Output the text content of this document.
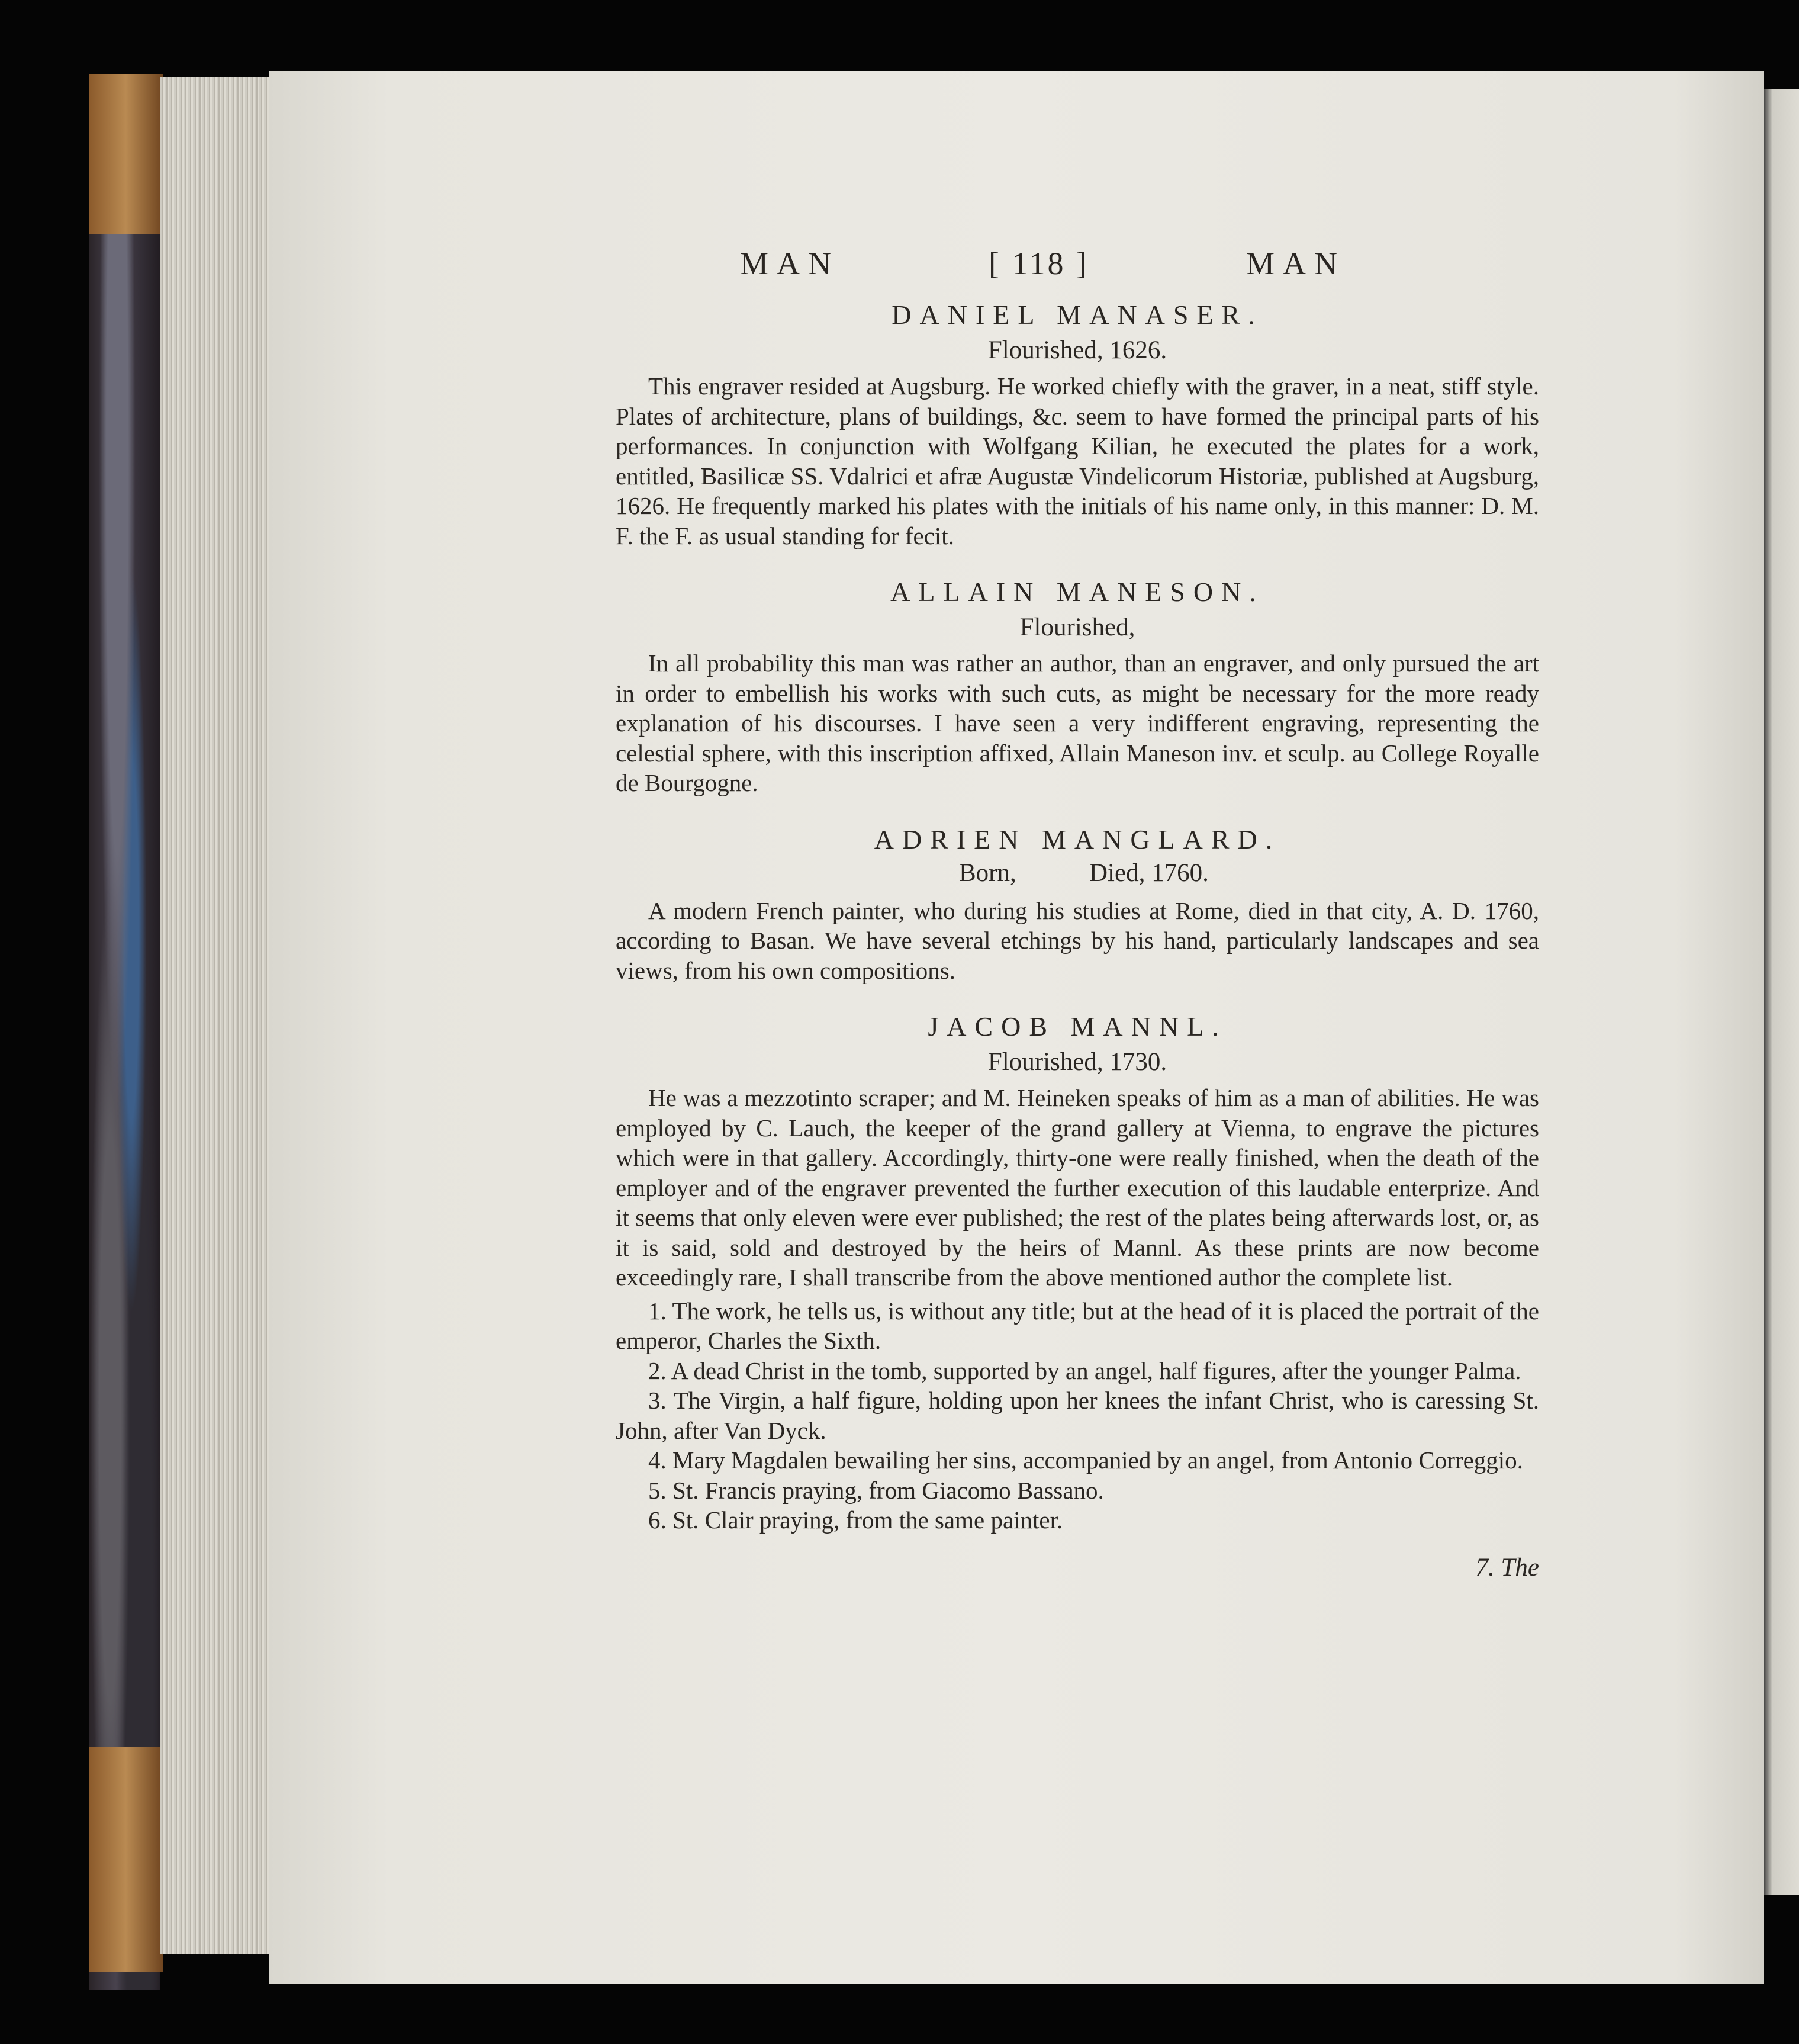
MAN	[ 118 ]	MAN
DANIEL MANASER.
Flourished, 1626.

This engraver resided at Augsburg. He worked chiefly with the graver, in a neat, stiff style. Plates of architecture, plans of buildings, &c. seem to have formed the principal parts of his performances. In conjunction with Wolfgang Kilian, he executed the plates for a work, entitled, Basilicæ SS. Vdalrici et afræ Augustæ Vindelicorum Historiæ, published at Augsburg, 1626. He frequently marked his plates with the initials of his name only, in this manner: D. M. F. the F. as usual standing for fecit.

ALLAIN MANESON.
Flourished,

In all probability this man was rather an author, than an engraver, and only pursued the art in order to embellish his works with such cuts, as might be necessary for the more ready explanation of his discourses. I have seen a very indifferent engraving, representing the celestial sphere, with this inscription affixed, Allain Maneson inv. et sculp. au College Royalle de Bourgogne.

ADRIEN MANGLARD.
Born,	Died, 1760.

A modern French painter, who during his studies at Rome, died in that city, A. D. 1760, according to Basan. We have several etchings by his hand, particularly landscapes and sea views, from his own compositions.

JACOB MANNL.
Flourished, 1730.

He was a mezzotinto scraper; and M. Heineken speaks of him as a man of abilities. He was employed by C. Lauch, the keeper of the grand gallery at Vienna, to engrave the pictures which were in that gallery. Accordingly, thirty-one were really finished, when the death of the employer and of the engraver prevented the further execution of this laudable enterprize. And it seems that only eleven were ever published; the rest of the plates being afterwards lost, or, as it is said, sold and destroyed by the heirs of Mannl. As these prints are now become exceedingly rare, I shall transcribe from the above mentioned author the complete list.

1. The work, he tells us, is without any title; but at the head of it is placed the portrait of the emperor, Charles the Sixth.

2. A dead Christ in the tomb, supported by an angel, half figures, after the younger Palma.

3. The Virgin, a half figure, holding upon her knees the infant Christ, who is caressing St. John, after Van Dyck.

4. Mary Magdalen bewailing her sins, accompanied by an angel, from Antonio Correggio.

5. St. Francis praying, from Giacomo Bassano.

6. St. Clair praying, from the same painter.

7. The
